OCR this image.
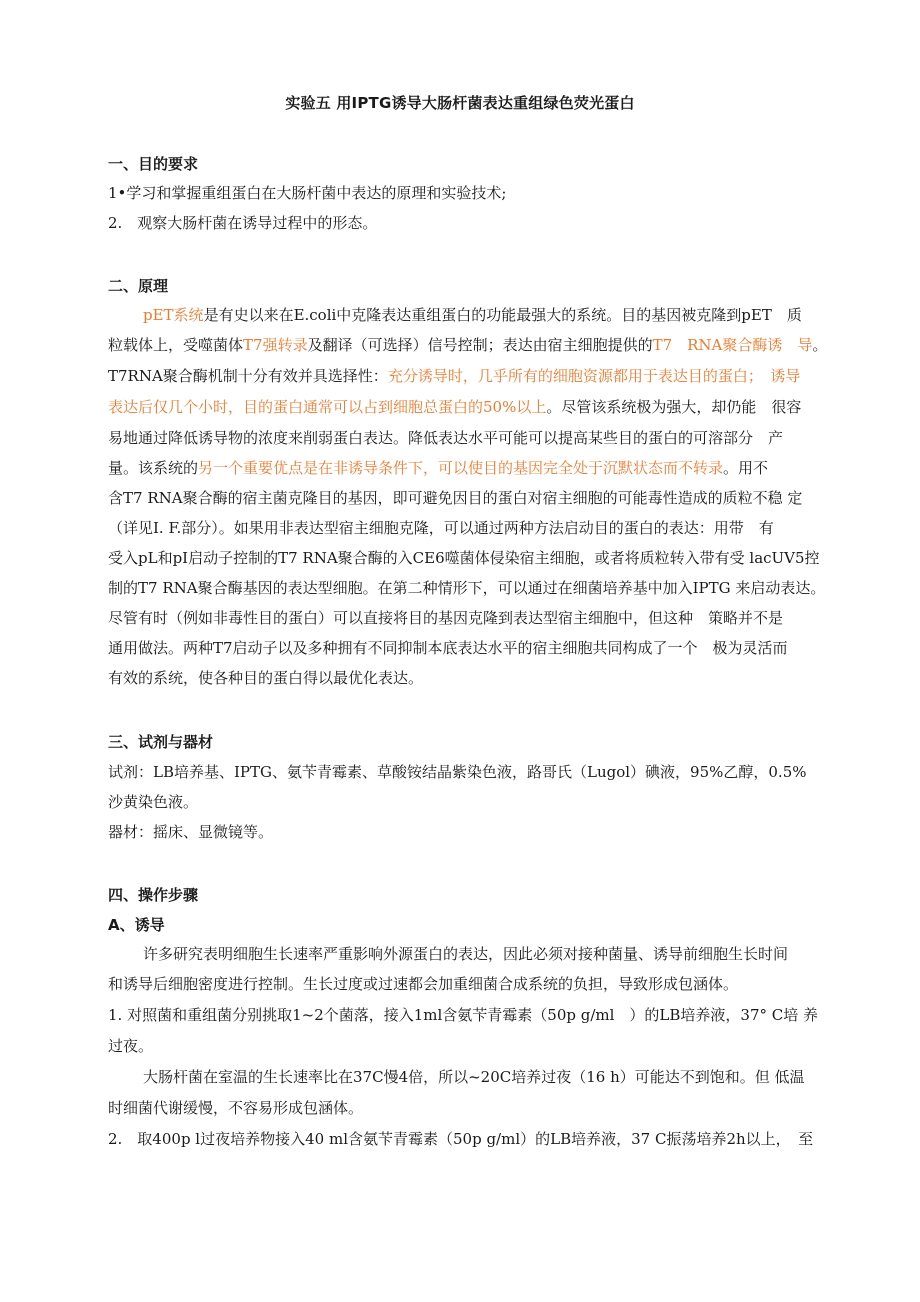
实验五 用IPTG诱导大肠杆菌表达重组绿色荧光蛋白
一、目的要求
1•学习和掌握重组蛋白在大肠杆菌中表达的原理和实验技术;
2.　观察大肠杆菌在诱导过程中的形态。
二、原理
pET系统是有史以来在E.coli中克隆表达重组蛋白的功能最强大的系统。目的基因被克隆到pET　质
粒载体上，受噬菌体T7强转录及翻译（可选择）信号控制；表达由宿主细胞提供的T7　RNA聚合酶诱　导。
T7RNA聚合酶机制十分有效并具选择性：充分诱导时，几乎所有的细胞资源都用于表达目的蛋白；　诱导
表达后仅几个小时，目的蛋白通常可以占到细胞总蛋白的50%以上。尽管该系统极为强大，却仍能　很容
易地通过降低诱导物的浓度来削弱蛋白表达。降低表达水平可能可以提高某些目的蛋白的可溶部分　产
量。该系统的另一个重要优点是在非诱导条件下，可以使目的基因完全处于沉默状态而不转录。用不
含T7 RNA聚合酶的宿主菌克隆目的基因，即可避免因目的蛋白对宿主细胞的可能毒性造成的质粒不稳 定
（详见I. F.部分）。如果用非表达型宿主细胞克隆，可以通过两种方法启动目的蛋白的表达：用带　有
受入pL和pI启动子控制的T7 RNA聚合酶的入CE6噬菌体侵染宿主细胞，或者将质粒转入带有受 lacUV5控
制的T7 RNA聚合酶基因的表达型细胞。在第二种情形下，可以通过在细菌培养基中加入IPTG 来启动表达。
尽管有时（例如非毒性目的蛋白）可以直接将目的基因克隆到表达型宿主细胞中，但这种　策略并不是
通用做法。两种T7启动子以及多种拥有不同抑制本底表达水平的宿主细胞共同构成了一个　极为灵活而
有效的系统，使各种目的蛋白得以最优化表达。
三、试剂与器材
试剂：LB培养基、IPTG、氨苄青霉素、草酸铵结晶紫染色液，路哥氏（Lugol）碘液，95%乙醇，0.5%
沙黄染色液。
器材：摇床、显微镜等。
四、操作步骤
A、诱导
许多研究表明细胞生长速率严重影响外源蛋白的表达，因此必须对接种菌量、诱导前细胞生长时间
和诱导后细胞密度进行控制。生长过度或过速都会加重细菌合成系统的负担，导致形成包涵体。
1. 对照菌和重组菌分别挑取1~2个菌落，接入1ml含氨苄青霉素（50p g/ml　）的LB培养液，37° C培 养
过夜。
大肠杆菌在室温的生长速率比在37C慢4倍，所以~20C培养过夜（16 h）可能达不到饱和。但 低温
时细菌代谢缓慢，不容易形成包涵体。
2.　取400p l过夜培养物接入40 ml含氨苄青霉素（50p g/ml）的LB培养液，37 C振荡培养2h以上，　至
